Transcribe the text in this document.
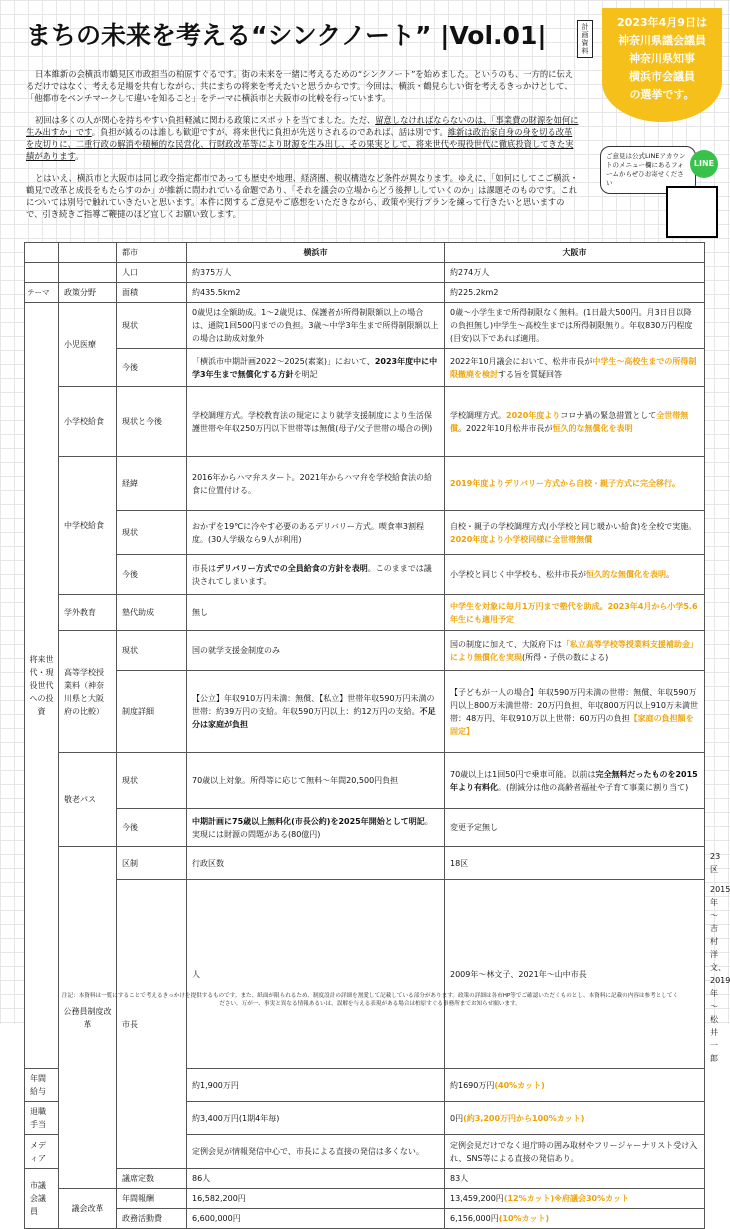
まちの未来を考える“シンクノート” |Vol.01|	計画資料
2023年4月9日は
神奈川県議会議員
神奈川県知事
横浜市会議員
の選挙です。
ご意見は公式LINEアカウントのメニュー欄にあるフォームからぜひお寄せください
LINE
日本維新の会横浜市鶴見区市政担当の柏原すぐるです。街の未来を一緒に考えるための“シンクノート”を始めました。というのも、一方的に伝えるだけではなく、考える足場を共有しながら、共にまちの将来を考えたいと思うからです。今回は、横浜・鶴見らしい街を考えるきっかけとして、「他都市をベンチマークして違いを知ること」をテーマに横浜市と大阪市の比較を行っています。
初回は多くの人が関心を持ちやすい負担軽減に関わる政策にスポットを当てました。ただ、留意しなければならないのは、「事業費の財源を如何に生み出すか」です。負担が減るのは誰しも歓迎ですが、将来世代に負担が先送りされるのであれば、話は別です。維新は政治家自身の身を切る改革を皮切りに、二重行政の解消や積極的な民営化、行財政改革等により財源を生み出し、その果実として、将来世代や現役世代に徹底投資してきた実績があります。
とはいえ、横浜市と大阪市は同じ政令指定都市であっても歴史や地理、経済圏、税収構造など条件が異なります。ゆえに、「如何にしてこご横浜・鶴見で改革と成長をもたらすのか」が維新に問われている命題であり、「それを議会の立場からどう後押ししていくのか」は課題そのものです。これについては別号で触れていきたいと思います。本件に関するご意見やご感想をいただきながら、政策や実行プランを練って行きたいと思いますので、引き続きご指導ご鞭撻のほど宜しくお願い致します。
		都市	横浜市	大阪市	
		人口	約375万人	約274万人	
テーマ	政策分野	面積	約435.5km2	約225.2km2	
将来世代・現役世代への投資	小児医療	現状	0歳児は全額助成。1～2歳児は、保護者が所得制限額以上の場合は、通院1回500円までの負担。3歳～中学3年生まで所得制限額以上の場合は助成対象外	0歳～小学生まで所得制限なく無料。(1日最大500円。月3日目以降の負担無し)中学生～高校生までは所得制限無り。年収830万円程度(目安)以下であれば適用。	
		今後	「横浜市中期計画2022～2025(素案)」において、2023年度中に中学3年生まで無償化する方針を明記	2022年10月議会において、松井市長が中学生～高校生までの所得制限撤廃を検討する旨を質疑回答	
	小学校給食	現状と今後	学校調理方式。学校教育法の規定により就学支援制度により生活保護世帯や年収250万円以下世帯等は無償(母子/父子世帯の場合の例)	学校調理方式。2020年度よりコロナ禍の緊急措置として全世帯無償。2022年10月松井市長が恒久的な無償化を表明	
	中学校給食	経緯	2016年からハマ弁スタート。2021年からハマ弁を学校給食法の給食に位置付ける。	2019年度よりデリバリー方式から自校・親子方式に完全移行。	
		現状	おかずを19℃に冷やす必要のあるデリバリー方式。喫食率3割程度。(30人学級なら9人が利用)	自校・親子の学校調理方式(小学校と同じ暖かい給食)を全校で実施。2020年度より小学校同様に全世帯無償	
		今後	市長はデリバリー方式での全員給食の方針を表明。このままでは議決されてしまいます。	小学校と同じく中学校も、松井市長が恒久的な無償化を表明。	
	学外教育	塾代助成	無し	中学生を対象に毎月1万円まで塾代を助成。2023年4月から小学5.6年生にも適用予定	
	高等学校授業料（神奈川県と大阪府の比較）	現状	国の就学支援金制度のみ	国の制度に加えて、大阪府下は「私立高等学校等授業料支援補助金」により無償化を実現(所得・子供の数による)	
		制度詳細	【公立】年収910万円未満：無償、【私立】世帯年収590万円未満の世帯：約39万円の支給。年収590万円以上：約12万円の支給。不足分は家庭が負担	【子どもが一人の場合】年収590万円未満の世帯：無償、年収590万円以上800万未満世帯：20万円負担、年収800万円以上910万未満世帯：48万円、年収910万以上世帯：60万円の負担【家庭の負担額を固定】	
	敬老パス	現状	70歳以上対象。所得等に応じて無料～年間20,500円負担	70歳以上は1回50円で乗車可能。以前は完全無料だったものを2015年より有料化。(削減分は他の高齢者福祉や子育て事業に割り当て)	
		今後	中期計画に75歳以上無料化(市長公約)を2025年開始として明記。実現には財源の問題がある(80億円)	変更予定無し	
	公務員制度改革	区制	行政区数	18区	23区
		市長	人	2009年～林文子、2021年～山中市長	2015年～吉村洋文、2019年～松井一郎
年間給与			約1,900万円	約1690万円(40%カット)	
退職手当			約3,400万円(1期4年毎)	0円(約3,200万円から100%カット)	
メディア			定例会見が情報発信中心で、市長による直接の発信は多くない。	定例会見だけでなく退庁時の囲み取材やフリージャーナリスト受け入れ、SNS等による直接の発信あり。	
市議会議員		議席定数	86人	83人	
	議会改革	年間報酬	16,582,200円	13,459,200円(12%カット)※府議会30%カット	
		政務活動費	6,600,000円	6,156,000円(10%カット)	
注記：本資料は一覧にすることで考えるきっかけを提供するものです。また、紙面が限られるため、制度設計の詳細を割愛して記載している部分があります。政策の詳細は各市HP等でご確認いただくものとし、本資料に記載の内容は参考としてください。万が一、事実と異なる情報あるいは、誤解を与える表現がある場合は柏原すぐる事務所までお知らせ願います。
